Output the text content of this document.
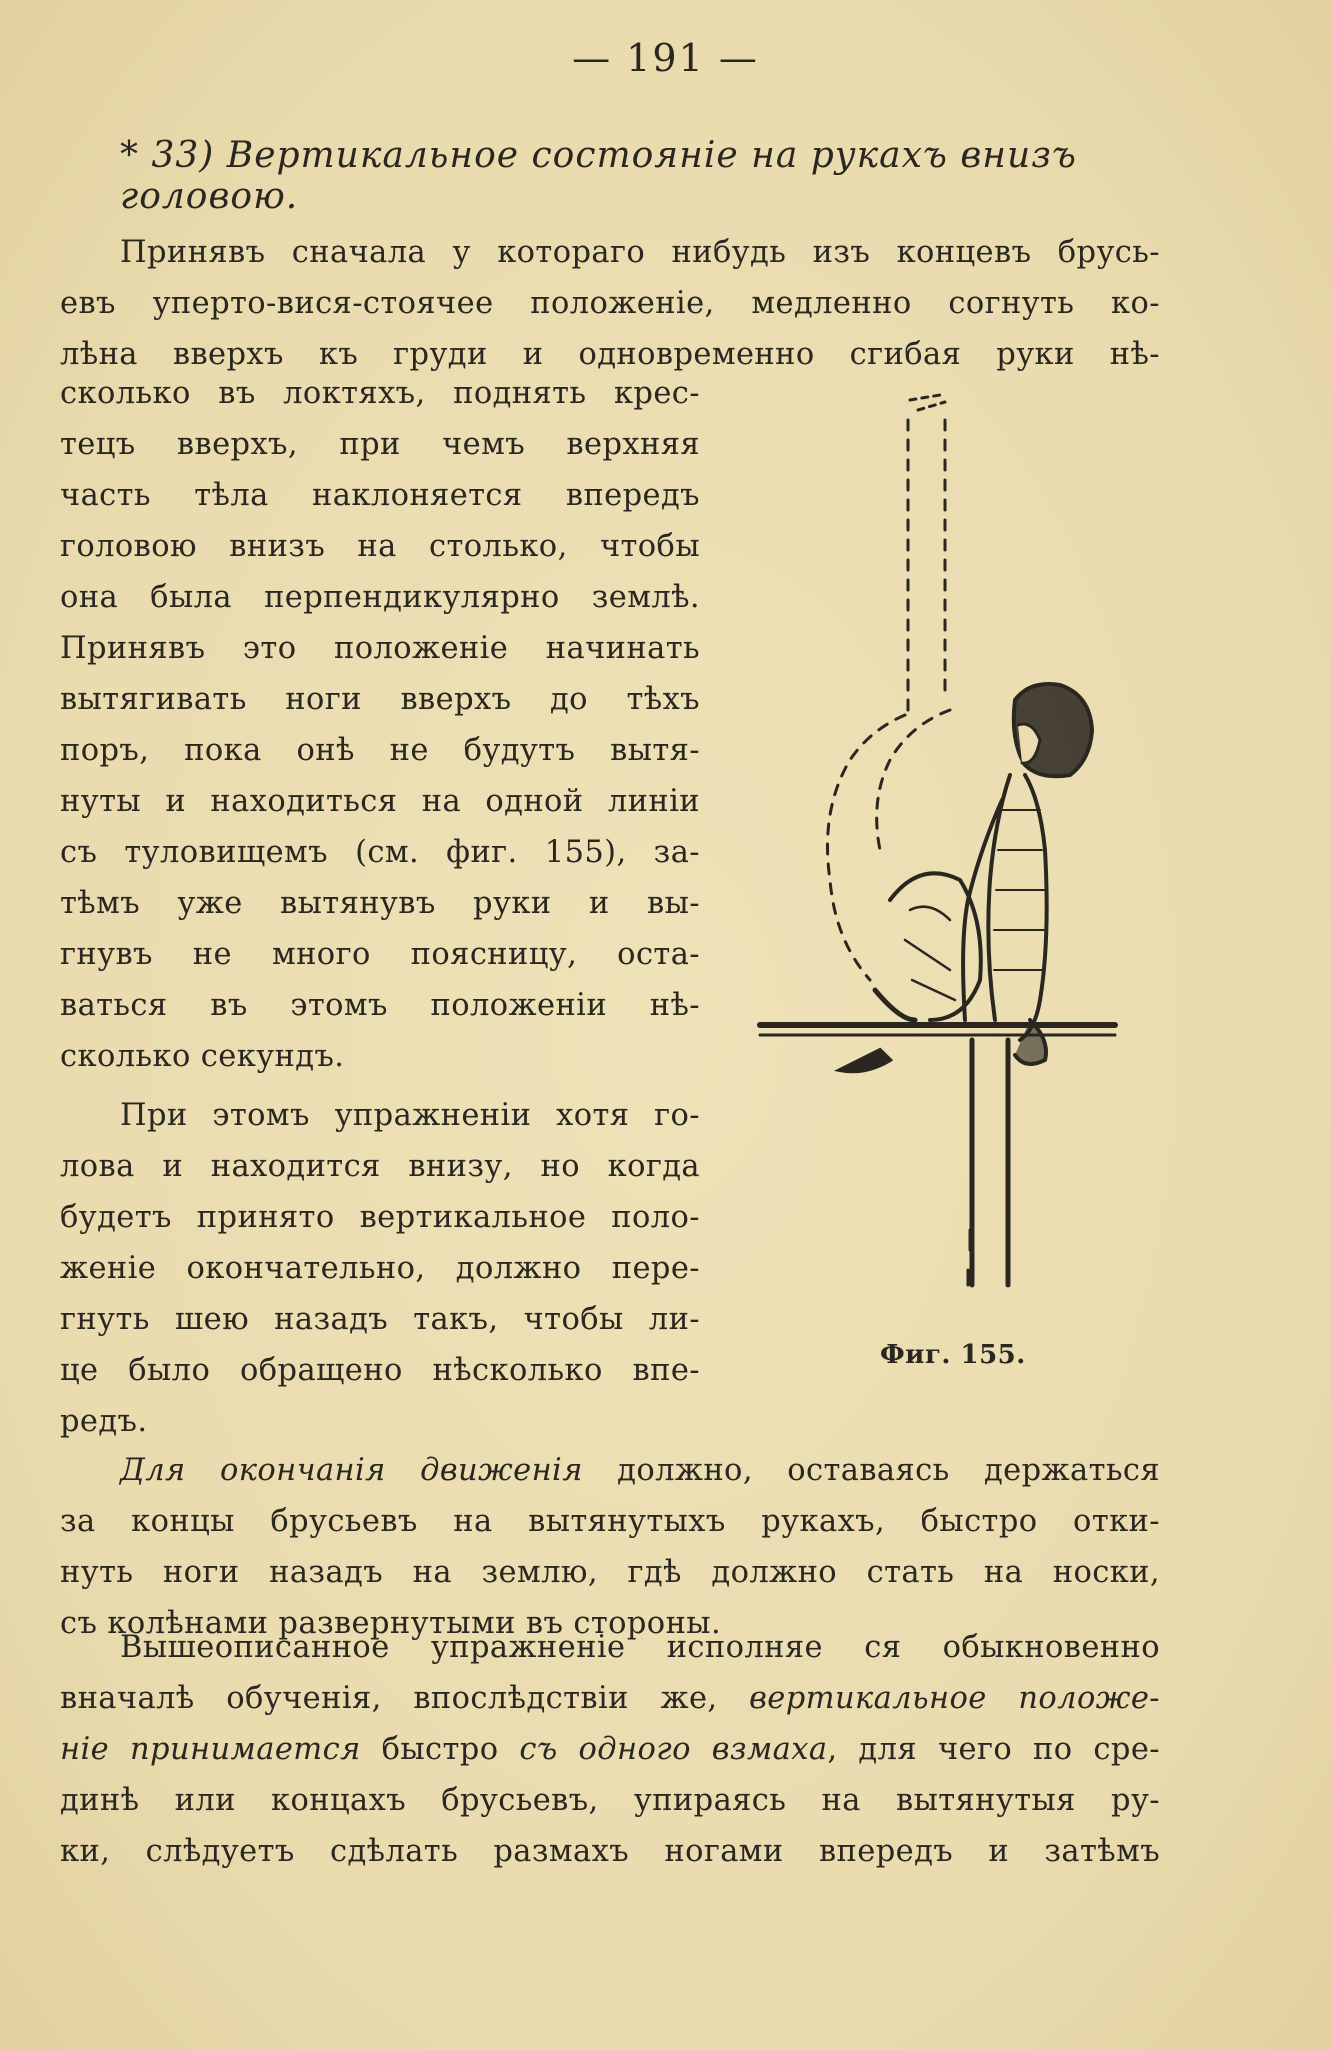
— 191 —
* 33) Вертикальное состоянiе на рукахъ внизъ головою.
Принявъ сначала у котораго нибудь изъ концевъ брусь-
евъ уперто-вися-стоячее положенiе, медленно согнуть ко-
лѣна вверхъ къ груди и одновременно сгибая руки нѣ-
сколько въ локтяхъ, поднять крес-
тецъ вверхъ, при чемъ верхняя
часть тѣла наклоняется впередъ
головою внизъ на столько, чтобы
она была перпендикулярно землѣ.
Принявъ это положенiе начинать
вытягивать ноги вверхъ до тѣхъ
поръ, пока онѣ не будутъ вытя-
нуты и находиться на одной линiи
съ туловищемъ (см. фиг. 155), за-
тѣмъ уже вытянувъ руки и вы-
гнувъ не много поясницу, оста-
ваться въ этомъ положенiи нѣ-
сколько секундъ.
При этомъ упражненiи хотя го-
лова и находится внизу, но когда
будетъ принято вертикальное поло-
женiе окончательно, должно пере-
гнуть шею назадъ такъ, чтобы ли-
це было обращено нѣсколько впе-
редъ.
Фиг. 155.
Для окончанiя движенiя должно, оставаясь держаться
за концы брусьевъ на вытянутыхъ рукахъ, быстро отки-
нуть ноги назадъ на землю, гдѣ должно стать на носки,
съ колѣнами развернутыми въ стороны.
Вышеописанное упражненiе исполняе ся обыкновенно
вначалѣ обученiя, впослѣдствiи же, вертикальное положе-
нiе принимается быстро съ одного взмаха, для чего по сре-
динѣ или концахъ брусьевъ, упираясь на вытянутыя ру-
ки, слѣдуетъ сдѣлать размахъ ногами впередъ и затѣмъ
